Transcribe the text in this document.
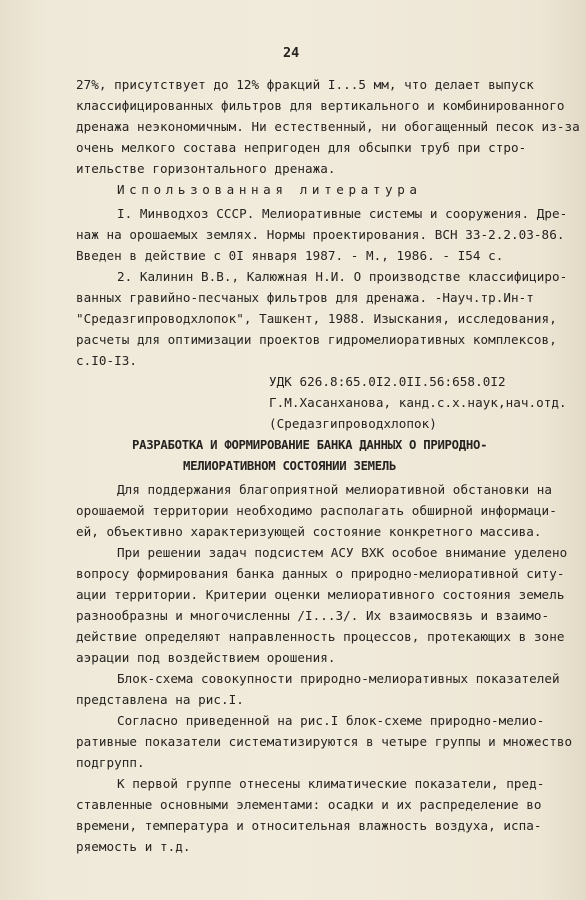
24
27%, присутствует до 12% фракций I...5 мм, что делает выпуск
классифицированных фильтров для вертикального и комбинированного
дренажа неэкономичным. Ни естественный, ни обогащенный песок из-за
очень мелкого состава непригоден для обсыпки труб при стро-
ительстве горизонтального дренажа.
Использованная литература
I. Минводхоз СССР. Мелиоративные системы и сооружения. Дре-
наж на орошаемых землях. Нормы проектирования. ВСН 33-2.2.03-86.
Введен в действие с 0I января 1987. - М., 1986. - I54 с.
2. Калинин В.В., Калюжная Н.И. О производстве классифициро-
ванных гравийно-песчаных фильтров для дренажа. -Науч.тр.Ин-т
"Средазгипроводхлопок", Ташкент, 1988. Изыскания, исследования,
расчеты для оптимизации проектов гидромелиоративных комплексов,
с.I0-I3.
УДК 626.8:65.0I2.0II.56:658.0I2
Г.М.Хасанханова, канд.с.х.наук,нач.отд.
(Средазгипроводхлопок)
РАЗРАБОТКА И ФОРМИРОВАНИЕ БАНКА ДАННЫХ О ПРИРОДНО-
МЕЛИОРАТИВНОМ СОСТОЯНИИ ЗЕМЕЛЬ
Для поддержания благоприятной мелиоративной обстановки на
орошаемой территории необходимо располагать обширной информаци-
ей, объективно характеризующей состояние конкретного массива.
При решении задач подсистем АСУ ВХК особое внимание уделено
вопросу формирования банка данных о природно-мелиоративной ситу-
ации территории. Критерии оценки мелиоративного состояния земель
разнообразны и многочисленны /I...3/. Их взаимосвязь и взаимо-
действие определяют направленность процессов, протекающих в зоне
аэрации под воздействием орошения.
Блок-схема совокупности природно-мелиоративных показателей
представлена на рис.I.
Согласно приведенной на рис.I блок-схеме природно-мелио-
ративные показатели систематизируются в четыре группы и множество
подгрупп.
К первой группе отнесены климатические показатели, пред-
ставленные основными элементами: осадки и их распределение во
времени, температура и относительная влажность воздуха, испа-
ряемость и т.д.
